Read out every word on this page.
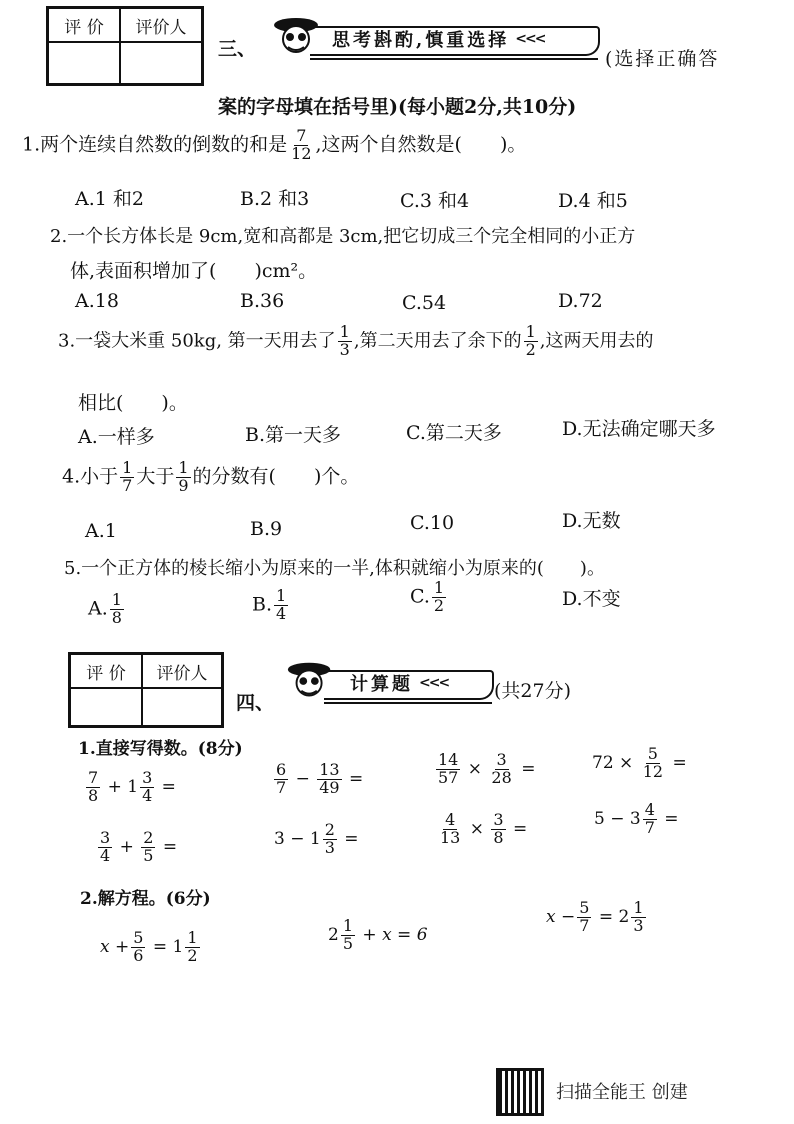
评 价	评价人
三、	思考斟酌,慎重选择 <<<
(选择正确答
案的字母填在括号里)(每小题2分,共10分)
1.两个连续自然数的倒数的和是 $\frac{7}{12}$ ,这两个自然数是(　　)。
A.1 和2	B.2 和3	C.3 和4	D.4 和5
2.一个长方体长是 9cm,宽和高都是 3cm,把它切成三个完全相同的小正方
体,表面积增加了(　　)cm²。
A.18	B.36	C.54	D.72
3.一袋大米重 50kg, 第一天用去了 $\frac{1}{3}$ ,第二天用去了余下的 $\frac{1}{2}$ ,这两天用去的
相比(　　)。
A.一样多	B.第一天多	C.第二天多	D.无法确定哪天多
4.小于 $\frac{1}{7}$ 大于 $\frac{1}{9}$ 的分数有(　　)个。
A.1	B.9	C.10	D.无数
5.一个正方体的棱长缩小为原来的一半,体积就缩小为原来的(　　)。
A. $\frac{1}{8}$	B. $\frac{1}{4}$	C. $\frac{1}{2}$	D.不变
评 价	评价人
四、
计算题 <<< (共27分)
1.直接写得数。(8分)
$\frac{7}{8} + 1 \frac{3}{4}$ =	$\frac{6}{7} - \frac{13}{49}$ =	$\frac{14}{57} \times \frac{3}{28}$ =	$72 \times \frac{5}{12}$ =
$\frac{3}{4} + \frac{2}{5}$ =	$3 - 1 \frac{2}{3}$ =	$\frac{4}{13} \times \frac{3}{8}$ =	$5 - 3 \frac{4}{7}$ =
2.解方程。(6分)
$x + \frac{5}{6} = 1 \frac{1}{2}$	$2 \frac{1}{5} + x = 6$
$x - \frac{5}{7} = 2 \frac{1}{3}$
扫描全能王 创建
